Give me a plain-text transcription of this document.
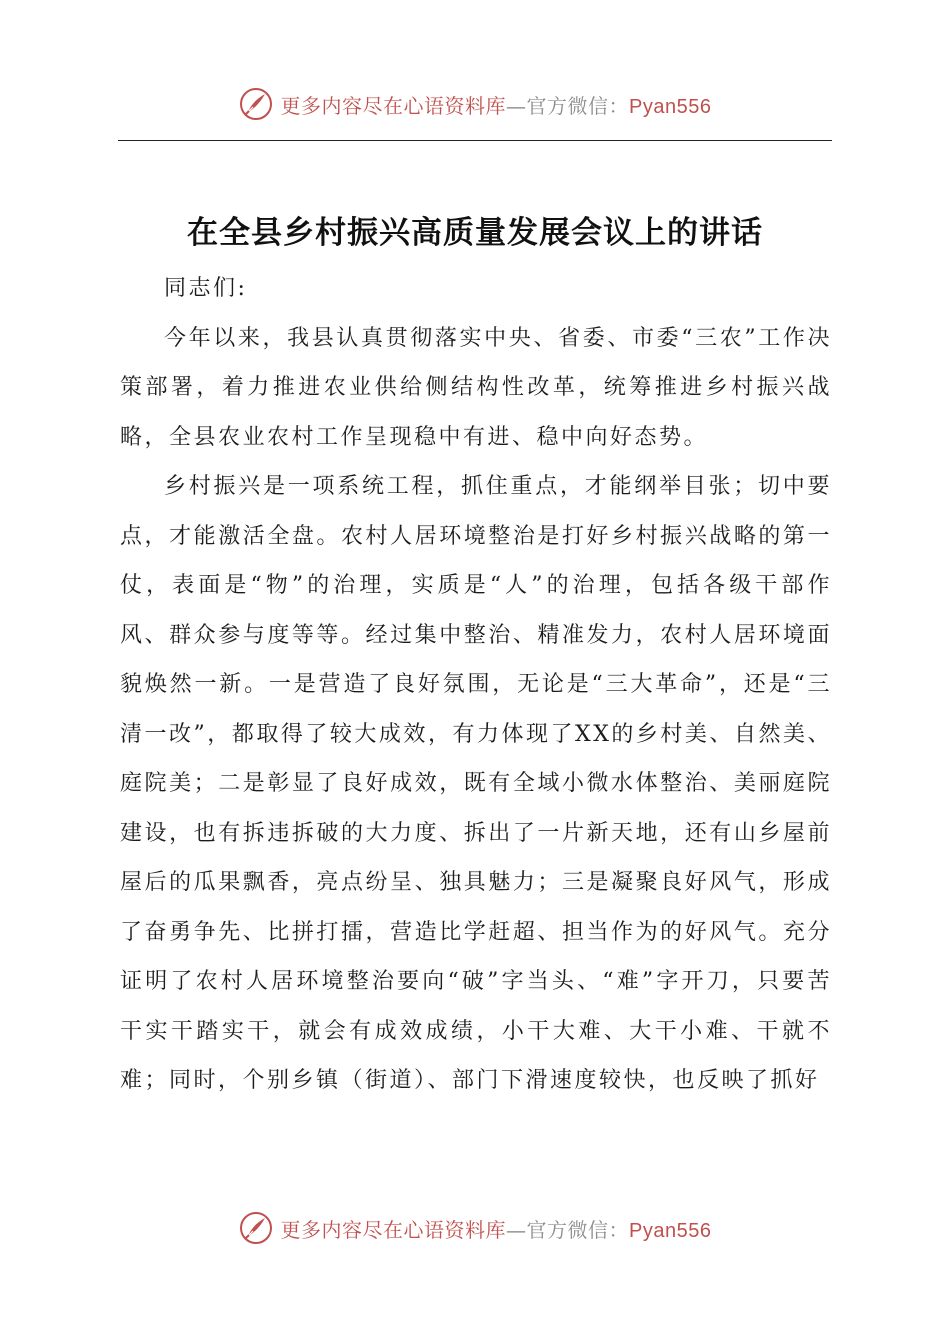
更多内容尽在心语资料库—官方微信：Pyan556
在全县乡村振兴高质量发展会议上的讲话

同志们:

今年以来，我县认真贯彻落实中央、省委、市委“三农”工作决策部署，着力推进农业供给侧结构性改革，统筹推进乡村振兴战略，全县农业农村工作呈现稳中有进、稳中向好态势。

乡村振兴是一项系统工程，抓住重点，才能纲举目张；切中要点，才能激活全盘。农村人居环境整治是打好乡村振兴战略的第一仗，表面是“物”的治理，实质是“人”的治理，包括各级干部作风、群众参与度等等。经过集中整治、精准发力，农村人居环境面貌焕然一新。一是营造了良好氛围，无论是“三大革命”，还是“三清一改”，都取得了较大成效，有力体现了XX的乡村美、自然美、庭院美；二是彰显了良好成效，既有全域小微水体整治、美丽庭院建设，也有拆违拆破的大力度、拆出了一片新天地，还有山乡屋前屋后的瓜果飘香，亮点纷呈、独具魅力；三是凝聚良好风气，形成了奋勇争先、比拼打擂，营造比学赶超、担当作为的好风气。充分证明了农村人居环境整治要向“破”字当头、“难”字开刀，只要苦干实干踏实干，就会有成效成绩，小干大难、大干小难、干就不难；同时，个别乡镇（街道）、部门下滑速度较快，也反映了抓好

更多内容尽在心语资料库—官方微信：Pyan556
